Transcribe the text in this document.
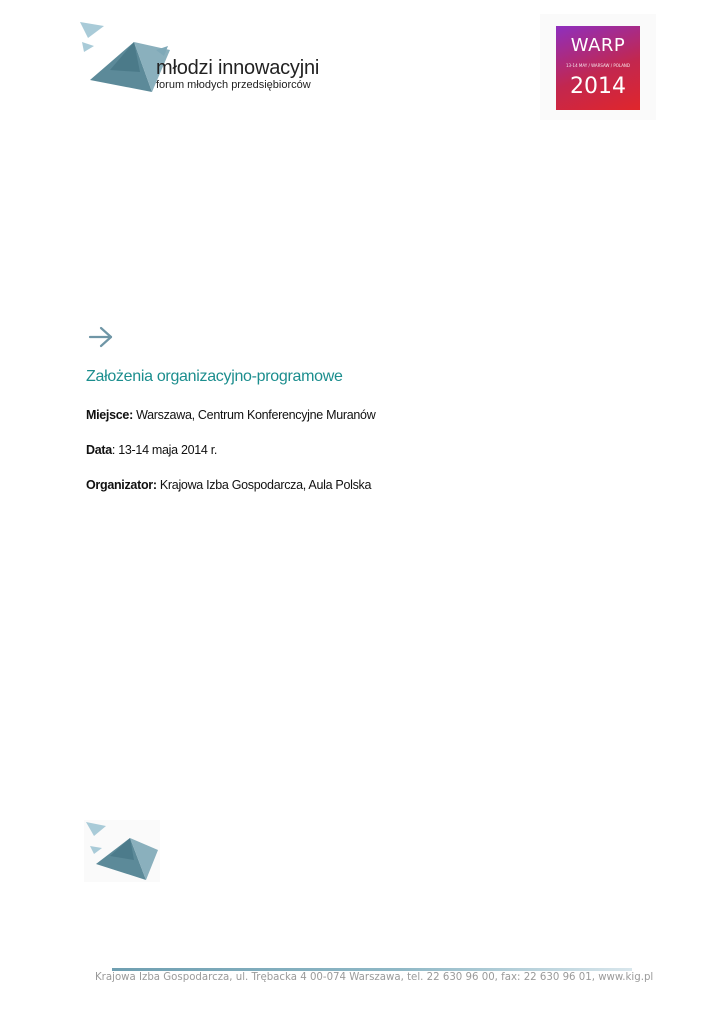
młodzi innowacyjni
forum młodych przedsiębiorców
WARP
13-14 MAY / WARSAW / POLAND
2014
Założenia organizacyjno-programowe
Miejsce: Warszawa, Centrum Konferencyjne Muranów
Data: 13-14 maja 2014 r.
Organizator: Krajowa Izba Gospodarcza, Aula Polska
Krajowa Izba Gospodarcza, ul. Trębacka 4 00-074 Warszawa, tel. 22 630 96 00, fax: 22 630 96 01, www.kig.pl
